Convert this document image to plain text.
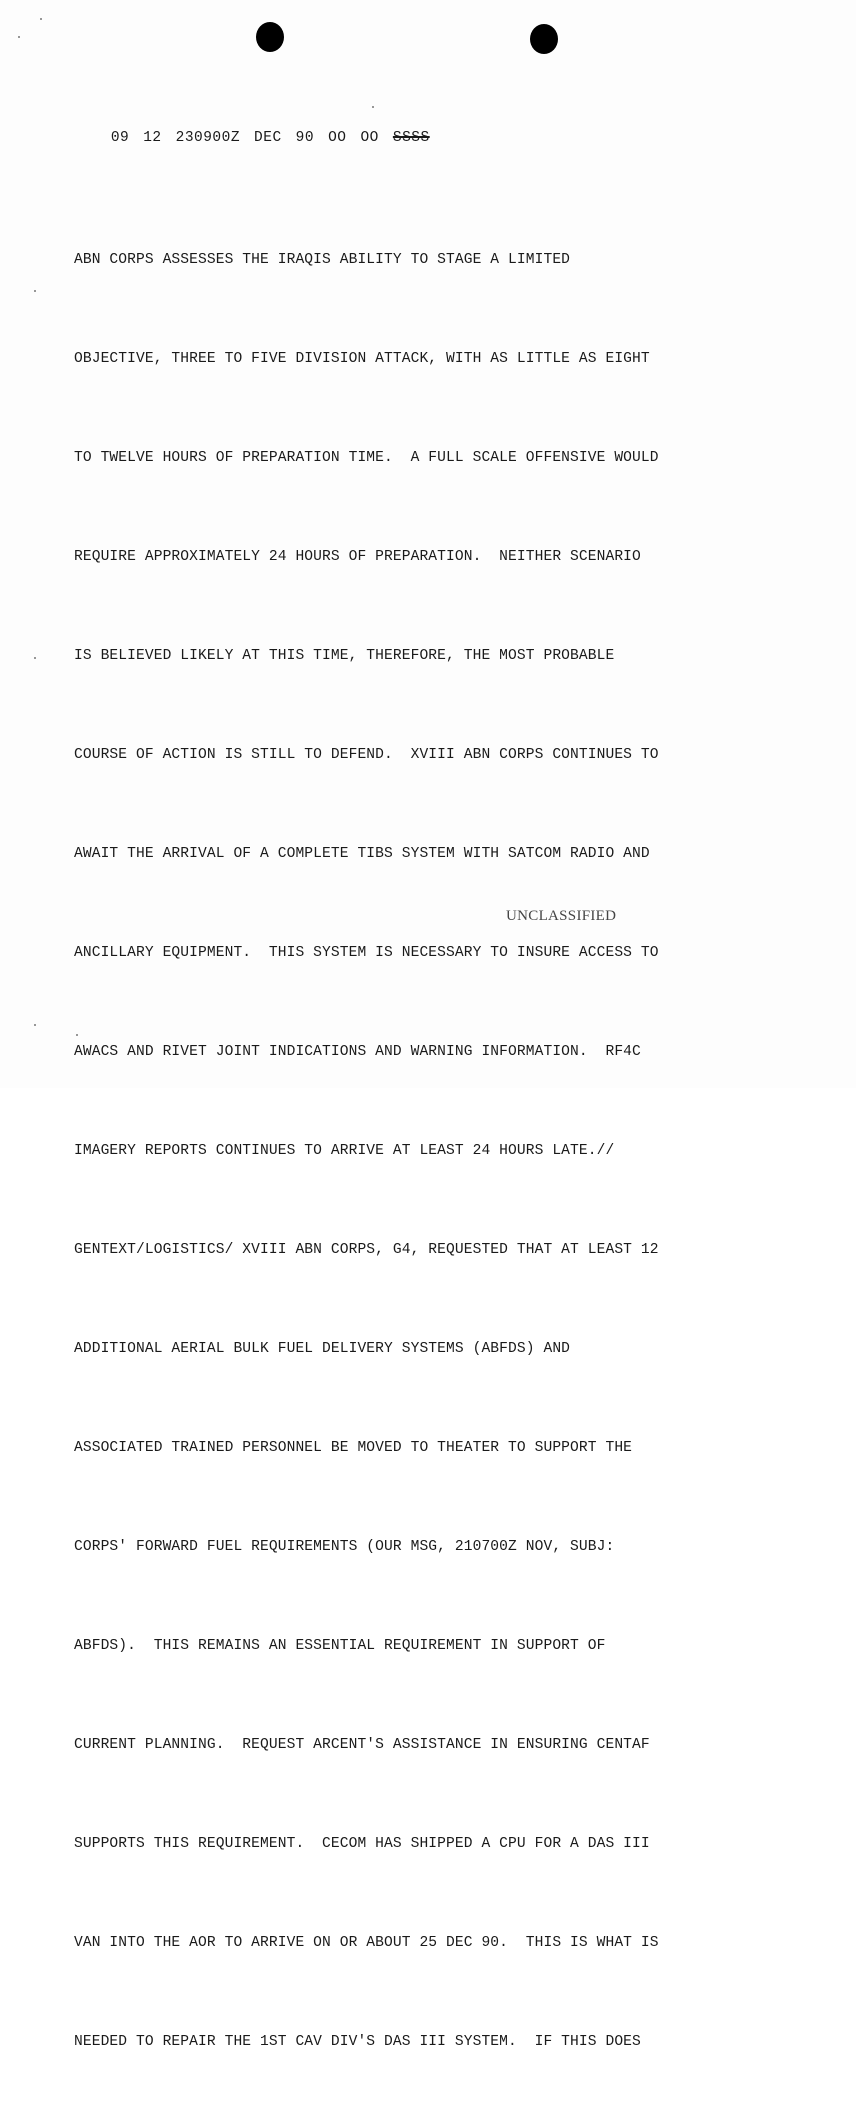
09 12 230900Z DEC 90 OO OO SSSS

ABN CORPS ASSESSES THE IRAQIS ABILITY TO STAGE A LIMITED

OBJECTIVE, THREE TO FIVE DIVISION ATTACK, WITH AS LITTLE AS EIGHT

TO TWELVE HOURS OF PREPARATION TIME.  A FULL SCALE OFFENSIVE WOULD

REQUIRE APPROXIMATELY 24 HOURS OF PREPARATION.  NEITHER SCENARIO

IS BELIEVED LIKELY AT THIS TIME, THEREFORE, THE MOST PROBABLE

COURSE OF ACTION IS STILL TO DEFEND.  XVIII ABN CORPS CONTINUES TO

AWAIT THE ARRIVAL OF A COMPLETE TIBS SYSTEM WITH SATCOM RADIO AND

ANCILLARY EQUIPMENT.  THIS SYSTEM IS NECESSARY TO INSURE ACCESS TO

AWACS AND RIVET JOINT INDICATIONS AND WARNING INFORMATION.  RF4C

IMAGERY REPORTS CONTINUES TO ARRIVE AT LEAST 24 HOURS LATE.//

GENTEXT/LOGISTICS/ XVIII ABN CORPS, G4, REQUESTED THAT AT LEAST 12

ADDITIONAL AERIAL BULK FUEL DELIVERY SYSTEMS (ABFDS) AND

ASSOCIATED TRAINED PERSONNEL BE MOVED TO THEATER TO SUPPORT THE

CORPS' FORWARD FUEL REQUIREMENTS (OUR MSG, 210700Z NOV, SUBJ:

ABFDS).  THIS REMAINS AN ESSENTIAL REQUIREMENT IN SUPPORT OF

CURRENT PLANNING.  REQUEST ARCENT'S ASSISTANCE IN ENSURING CENTAF

SUPPORTS THIS REQUIREMENT.  CECOM HAS SHIPPED A CPU FOR A DAS III

VAN INTO THE AOR TO ARRIVE ON OR ABOUT 25 DEC 90.  THIS IS WHAT IS

NEEDED TO REPAIR THE 1ST CAV DIV'S DAS III SYSTEM.  IF THIS DOES

UNCLASSIFIED
